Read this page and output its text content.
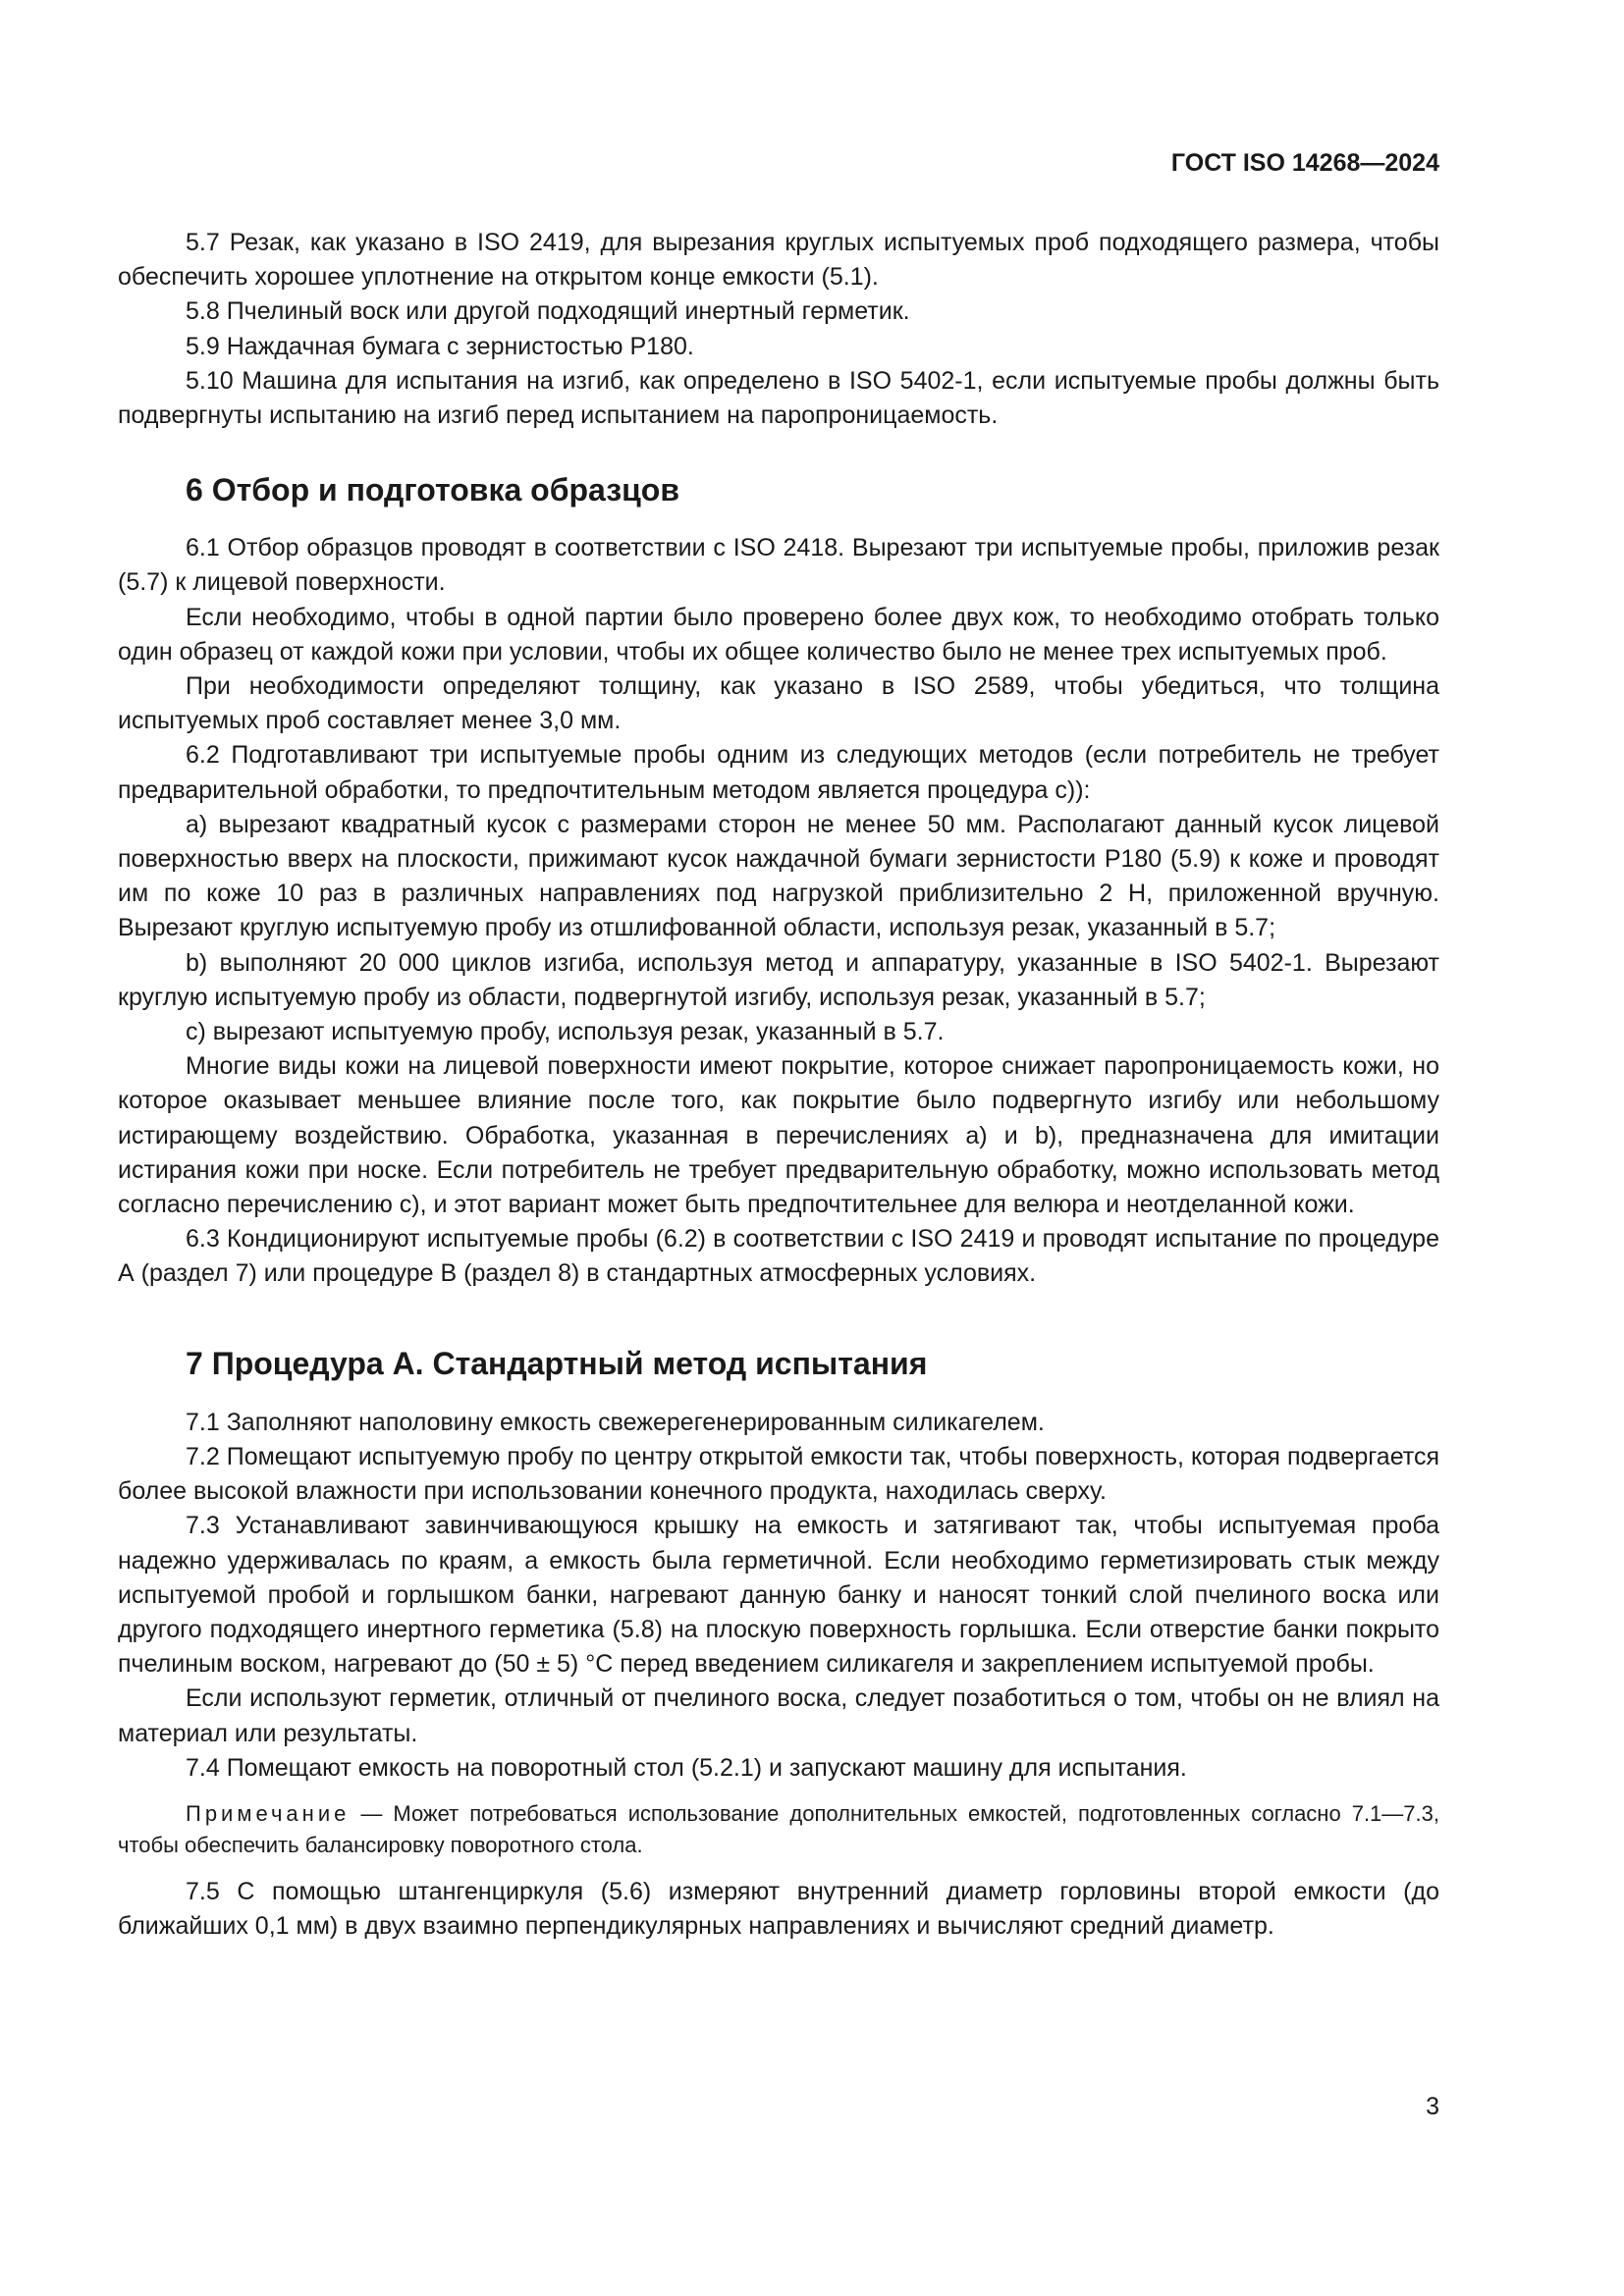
ГОСТ ISO 14268—2024

5.7 Резак, как указано в ISO 2419, для вырезания круглых испытуемых проб подходящего размера, чтобы обеспечить хорошее уплотнение на открытом конце емкости (5.1).

5.8 Пчелиный воск или другой подходящий инертный герметик.

5.9 Наждачная бумага с зернистостью Р180.

5.10 Машина для испытания на изгиб, как определено в ISO 5402-1, если испытуемые пробы должны быть подвергнуты испытанию на изгиб перед испытанием на паропроницаемость.

6 Отбор и подготовка образцов

6.1 Отбор образцов проводят в соответствии с ISO 2418. Вырезают три испытуемые пробы, приложив резак (5.7) к лицевой поверхности.

Если необходимо, чтобы в одной партии было проверено более двух кож, то необходимо отобрать только один образец от каждой кожи при условии, чтобы их общее количество было не менее трех испытуемых проб.

При необходимости определяют толщину, как указано в ISO 2589, чтобы убедиться, что толщина испытуемых проб составляет менее 3,0 мм.

6.2 Подготавливают три испытуемые пробы одним из следующих методов (если потребитель не требует предварительной обработки, то предпочтительным методом является процедура с)):

а) вырезают квадратный кусок с размерами сторон не менее 50 мм. Располагают данный кусок лицевой поверхностью вверх на плоскости, прижимают кусок наждачной бумаги зернистости Р180 (5.9) к коже и проводят им по коже 10 раз в различных направлениях под нагрузкой приблизительно 2 Н, приложенной вручную. Вырезают круглую испытуемую пробу из отшлифованной области, используя резак, указанный в 5.7;

b) выполняют 20 000 циклов изгиба, используя метод и аппаратуру, указанные в ISO 5402-1. Вырезают круглую испытуемую пробу из области, подвергнутой изгибу, используя резак, указанный в 5.7;

с) вырезают испытуемую пробу, используя резак, указанный в 5.7.

Многие виды кожи на лицевой поверхности имеют покрытие, которое снижает паропроницаемость кожи, но которое оказывает меньшее влияние после того, как покрытие было подвергнуто изгибу или небольшому истирающему воздействию. Обработка, указанная в перечислениях а) и b), предназначена для имитации истирания кожи при носке. Если потребитель не требует предварительную обработку, можно использовать метод согласно перечислению с), и этот вариант может быть предпочтительнее для велюра и неотделанной кожи.

6.3 Кондиционируют испытуемые пробы (6.2) в соответствии с ISO 2419 и проводят испытание по процедуре А (раздел 7) или процедуре В (раздел 8) в стандартных атмосферных условиях.

7 Процедура А. Стандартный метод испытания

7.1 Заполняют наполовину емкость свежерегенерированным силикагелем.

7.2 Помещают испытуемую пробу по центру открытой емкости так, чтобы поверхность, которая подвергается более высокой влажности при использовании конечного продукта, находилась сверху.

7.3 Устанавливают завинчивающуюся крышку на емкость и затягивают так, чтобы испытуемая проба надежно удерживалась по краям, а емкость была герметичной. Если необходимо герметизировать стык между испытуемой пробой и горлышком банки, нагревают данную банку и наносят тонкий слой пчелиного воска или другого подходящего инертного герметика (5.8) на плоскую поверхность горлышка. Если отверстие банки покрыто пчелиным воском, нагревают до (50 ± 5) °С перед введением силикагеля и закреплением испытуемой пробы.

Если используют герметик, отличный от пчелиного воска, следует позаботиться о том, чтобы он не влиял на материал или результаты.

7.4 Помещают емкость на поворотный стол (5.2.1) и запускают машину для испытания.

Примечание — Может потребоваться использование дополнительных емкостей, подготовленных согласно 7.1—7.3, чтобы обеспечить балансировку поворотного стола.

7.5 С помощью штангенциркуля (5.6) измеряют внутренний диаметр горловины второй емкости (до ближайших 0,1 мм) в двух взаимно перпендикулярных направлениях и вычисляют средний диаметр.

3
